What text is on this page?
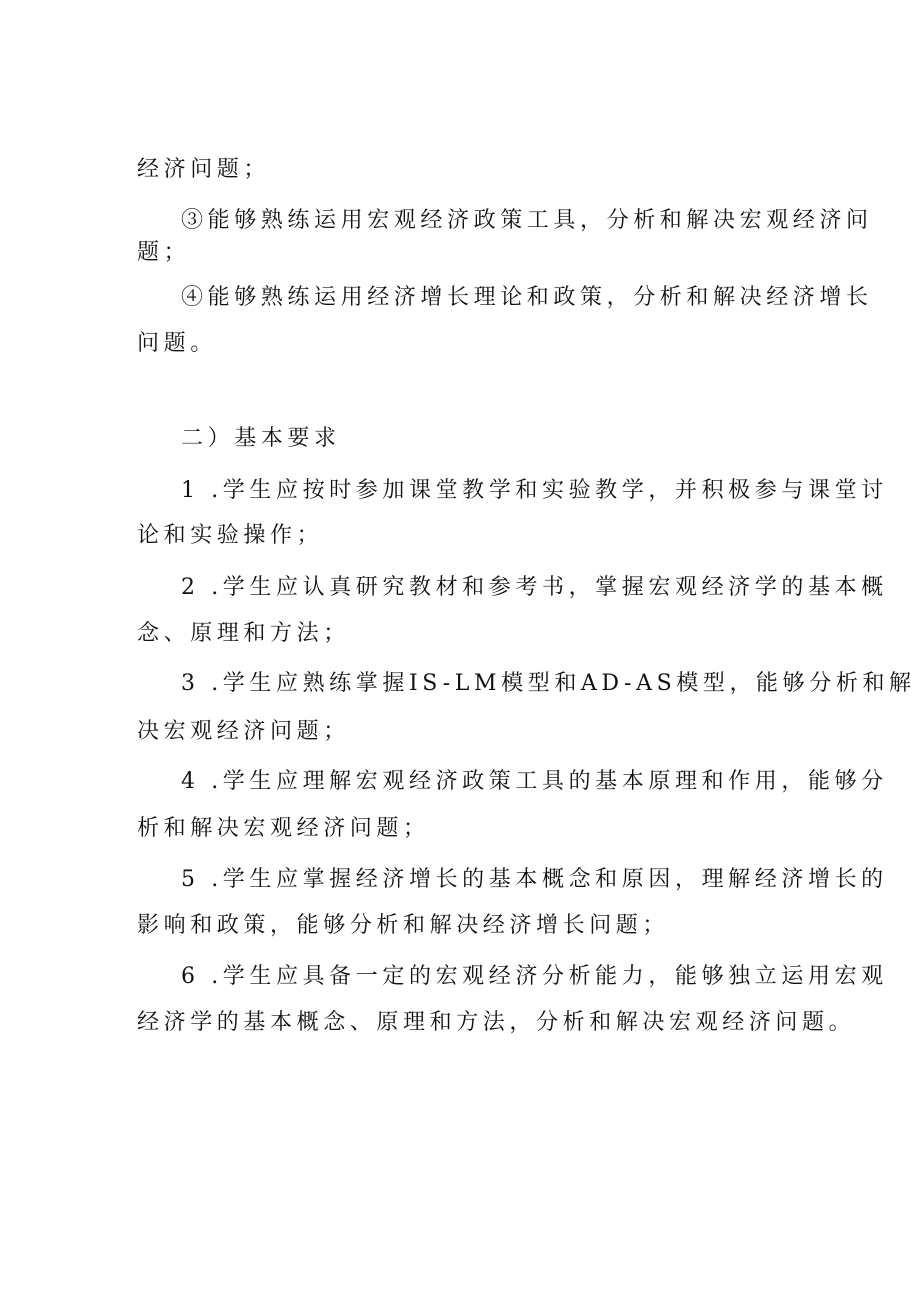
经济问题；
③能够熟练运用宏观经济政策工具，分析和解决宏观经济问
题；
④能够熟练运用经济增长理论和政策，分析和解决经济增长
问题。
二）基本要求
1 .学生应按时参加课堂教学和实验教学，并积极参与课堂讨
论和实验操作；
2 .学生应认真研究教材和参考书，掌握宏观经济学的基本概
念、原理和方法；
3 .学生应熟练掌握IS-LM模型和AD-AS模型，能够分析和解
决宏观经济问题；
4 .学生应理解宏观经济政策工具的基本原理和作用，能够分
析和解决宏观经济问题；
5 .学生应掌握经济增长的基本概念和原因，理解经济增长的
影响和政策，能够分析和解决经济增长问题；
6 .学生应具备一定的宏观经济分析能力，能够独立运用宏观
经济学的基本概念、原理和方法，分析和解决宏观经济问题。
